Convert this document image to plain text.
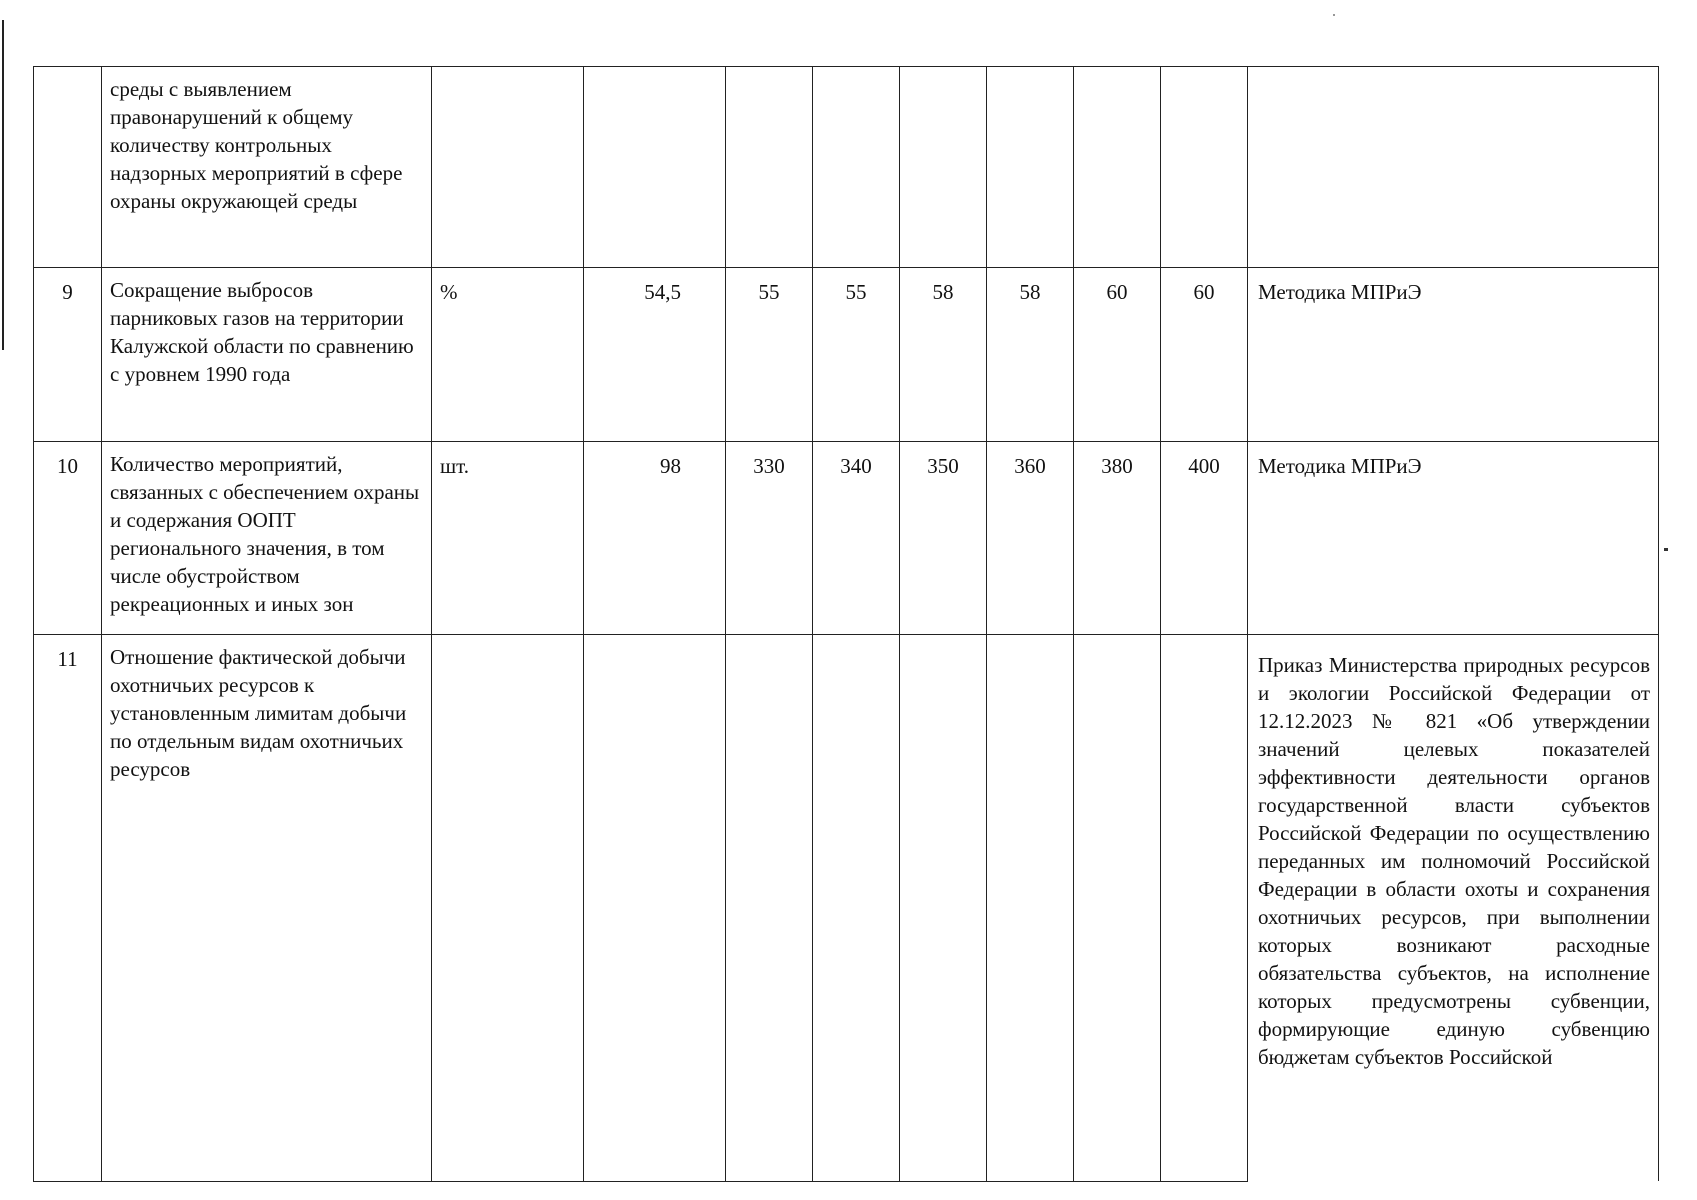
	среды с выявлением правонарушений к общему количеству контрольных надзорных мероприятий в сфере охраны окружающей среды									
9	Сокращение выбросов парниковых газов на территории Калужской области по сравнению с уровнем 1990 года	%	54,5	55	55	58	58	60	60	Методика МПРиЭ
10	Количество мероприятий, связанных с обеспечением охраны и содержания ООПТ регионального значения, в том числе обустройством рекреационных и иных зон	шт.	98	330	340	350	360	380	400	Методика МПРиЭ
11	Отношение фактической добычи охотничьих ресурсов к установленным лимитам добычи по отдельным видам охотничьих ресурсов									Приказ Министерства природных ресурсов и экологии Российской Федерации от 12.12.2023 № 821 «Об утверждении значений целевых показателей эффективности деятельности органов государственной власти субъектов Российской Федерации по осуществлению переданных им полномочий Российской Федерации в области охоты и сохранения охотничьих ресурсов, при выполнении которых возникают расходные обязательства субъектов, на исполнение которых предусмотрены субвенции, формирующие единую субвенцию бюджетам субъектов Российской
